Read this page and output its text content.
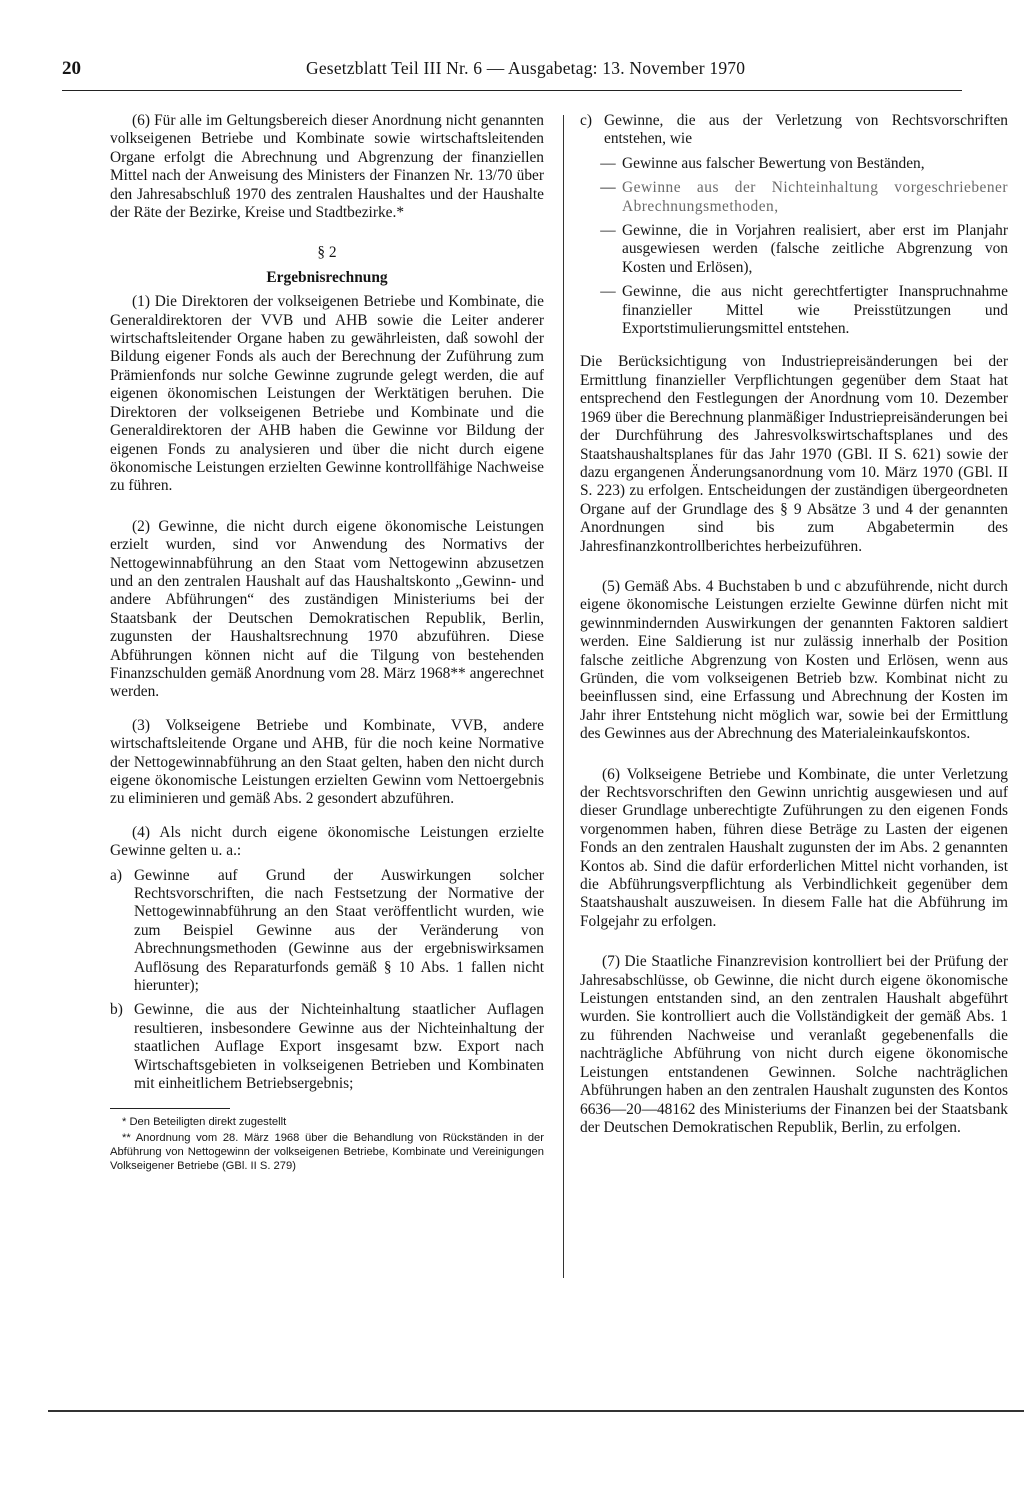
20	Gesetzblatt Teil III Nr. 6 — Ausgabetag: 13. November 1970

(6) Für alle im Geltungsbereich dieser Anordnung nicht genannten volkseigenen Betriebe und Kombinate sowie wirtschaftsleitenden Organe erfolgt die Abrechnung und Abgrenzung der finanziellen Mittel nach der Anweisung des Ministers der Finanzen Nr. 13/70 über den Jahresabschluß 1970 des zentralen Haushaltes und der Haushalte der Räte der Bezirke, Kreise und Stadtbezirke.*

§ 2

Ergebnisrechnung

(1) Die Direktoren der volkseigenen Betriebe und Kombinate, die Generaldirektoren der VVB und AHB sowie die Leiter anderer wirtschaftsleitender Organe haben zu gewährleisten, daß sowohl der Bildung eigener Fonds als auch der Berechnung der Zuführung zum Prämienfonds nur solche Gewinne zugrunde gelegt werden, die auf eigenen ökonomischen Leistungen der Werktätigen beruhen. Die Direktoren der volkseigenen Betriebe und Kombinate und die Generaldirektoren der AHB haben die Gewinne vor Bildung der eigenen Fonds zu analysieren und über die nicht durch eigene ökonomische Leistungen erzielten Gewinne kontrollfähige Nachweise zu führen.

(2) Gewinne, die nicht durch eigene ökonomische Leistungen erzielt wurden, sind vor Anwendung des Normativs der Nettogewinnabführung an den Staat vom Nettogewinn abzusetzen und an den zentralen Haushalt auf das Haushaltskonto „Gewinn- und andere Abführungen“ des zuständigen Ministeriums bei der Staatsbank der Deutschen Demokratischen Republik, Berlin, zugunsten der Haushaltsrechnung 1970 abzuführen. Diese Abführungen können nicht auf die Tilgung von bestehenden Finanzschulden gemäß Anordnung vom 28. März 1968** angerechnet werden.

(3) Volkseigene Betriebe und Kombinate, VVB, andere wirtschaftsleitende Organe und AHB, für die noch keine Normative der Nettogewinnabführung an den Staat gelten, haben den nicht durch eigene ökonomische Leistungen erzielten Gewinn vom Nettoergebnis zu eliminieren und gemäß Abs. 2 gesondert abzuführen.

(4) Als nicht durch eigene ökonomische Leistungen erzielte Gewinne gelten u. a.:

a) Gewinne auf Grund der Auswirkungen solcher Rechtsvorschriften, die nach Festsetzung der Normative der Nettogewinnabführung an den Staat veröffentlicht wurden, wie zum Beispiel Gewinne aus der Veränderung von Abrechnungsmethoden (Gewinne aus der ergebniswirksamen Auflösung des Reparaturfonds gemäß § 10 Abs. 1 fallen nicht hierunter);
b) Gewinne, die aus der Nichteinhaltung staatlicher Auflagen resultieren, insbesondere Gewinne aus der Nichteinhaltung der staatlichen Auflage Export insgesamt bzw. Export nach Wirtschaftsgebieten in volkseigenen Betrieben und Kombinaten mit einheitlichem Betriebsergebnis;

* Den Beteiligten direkt zugestellt

** Anordnung vom 28. März 1968 über die Behandlung von Rückständen in der Abführung von Nettogewinn der volkseigenen Betriebe, Kombinate und Vereinigungen Volkseigener Betriebe (GBl. II S. 279)

c) Gewinne, die aus der Verletzung von Rechtsvorschriften entstehen, wie
— Gewinne aus falscher Bewertung von Beständen,
— Gewinne aus der Nichteinhaltung vorgeschriebener Abrechnungsmethoden,
— Gewinne, die in Vorjahren realisiert, aber erst im Planjahr ausgewiesen werden (falsche zeitliche Abgrenzung von Kosten und Erlösen),
— Gewinne, die aus nicht gerechtfertigter Inanspruchnahme finanzieller Mittel wie Preisstützungen und Exportstimulierungsmittel entstehen.

Die Berücksichtigung von Industriepreisänderungen bei der Ermittlung finanzieller Verpflichtungen gegenüber dem Staat hat entsprechend den Festlegungen der Anordnung vom 10. Dezember 1969 über die Berechnung planmäßiger Industriepreisänderungen bei der Durchführung des Jahresvolkswirtschaftsplanes und des Staatshaushaltsplanes für das Jahr 1970 (GBl. II S. 621) sowie der dazu ergangenen Änderungsanordnung vom 10. März 1970 (GBl. II S. 223) zu erfolgen. Entscheidungen der zuständigen übergeordneten Organe auf der Grundlage des § 9 Absätze 3 und 4 der genannten Anordnungen sind bis zum Abgabetermin des Jahresfinanzkontrollberichtes herbeizuführen.

(5) Gemäß Abs. 4 Buchstaben b und c abzuführende, nicht durch eigene ökonomische Leistungen erzielte Gewinne dürfen nicht mit gewinnmindernden Auswirkungen der genannten Faktoren saldiert werden. Eine Saldierung ist nur zulässig innerhalb der Position falsche zeitliche Abgrenzung von Kosten und Erlösen, wenn aus Gründen, die vom volkseigenen Betrieb bzw. Kombinat nicht zu beeinflussen sind, eine Erfassung und Abrechnung der Kosten im Jahr ihrer Entstehung nicht möglich war, sowie bei der Ermittlung des Gewinnes aus der Abrechnung des Materialeinkaufskontos.

(6) Volkseigene Betriebe und Kombinate, die unter Verletzung der Rechtsvorschriften den Gewinn unrichtig ausgewiesen und auf dieser Grundlage unberechtigte Zuführungen zu den eigenen Fonds vorgenommen haben, führen diese Beträge zu Lasten der eigenen Fonds an den zentralen Haushalt zugunsten der im Abs. 2 genannten Kontos ab. Sind die dafür erforderlichen Mittel nicht vorhanden, ist die Abführungsverpflichtung als Verbindlichkeit gegenüber dem Staatshaushalt auszuweisen. In diesem Falle hat die Abführung im Folgejahr zu erfolgen.

(7) Die Staatliche Finanzrevision kontrolliert bei der Prüfung der Jahresabschlüsse, ob Gewinne, die nicht durch eigene ökonomische Leistungen entstanden sind, an den zentralen Haushalt abgeführt wurden. Sie kontrolliert auch die Vollständigkeit der gemäß Abs. 1 zu führenden Nachweise und veranlaßt gegebenenfalls die nachträgliche Abführung von nicht durch eigene ökonomische Leistungen entstandenen Gewinnen. Solche nachträglichen Abführungen haben an den zentralen Haushalt zugunsten des Kontos 6636—20—48162 des Ministeriums der Finanzen bei der Staatsbank der Deutschen Demokratischen Republik, Berlin, zu erfolgen.
